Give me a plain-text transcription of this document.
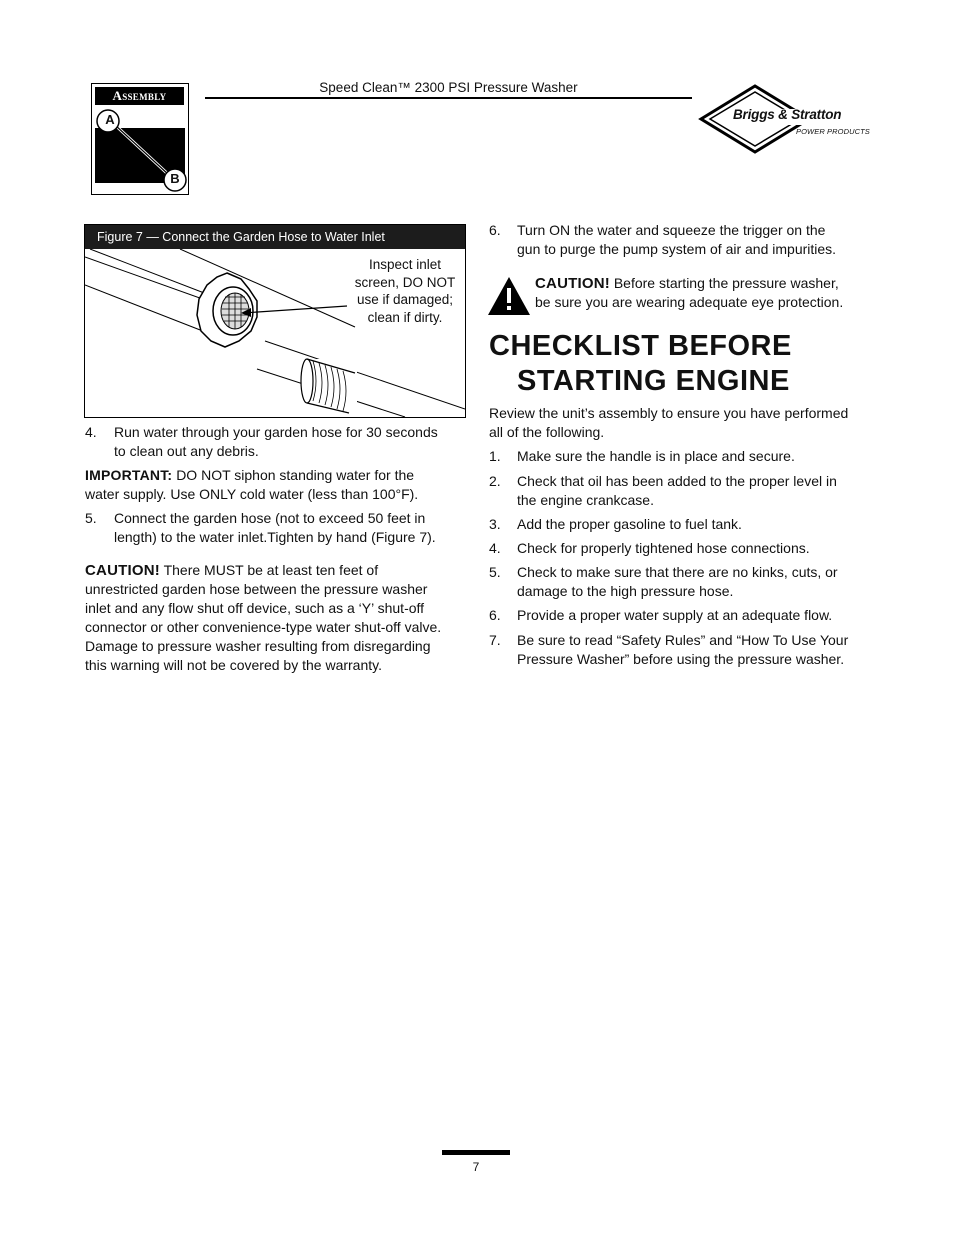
Assembly
A
B
Speed Clean™ 2300 PSI Pressure Washer
Briggs & Stratton
POWER PRODUCTS
Figure 7 — Connect the Garden Hose to Water Inlet
Inspect inlet
screen, DO NOT
use if damaged;
clean if dirty.
4. Run water through your garden hose for 30 seconds
to clean out any debris.
IMPORTANT: DO NOT siphon standing water for the
water supply. Use ONLY cold water (less than 100°F).
5. Connect the garden hose (not to exceed 50 feet in
length) to the water inlet.Tighten by hand (Figure 7).
CAUTION! There MUST be at least ten feet of
unrestricted garden hose between the pressure washer
inlet and any flow shut off device, such as a ‘Y’ shut-off
connector or other convenience-type water shut-off valve.
Damage to pressure washer resulting from disregarding
this warning will not be covered by the warranty.
6. Turn ON the water and squeeze the trigger on the
gun to purge the pump system of air and impurities.
CAUTION! Before starting the pressure washer,
be sure you are wearing adequate eye protection.
CHECKLIST BEFORE
STARTING ENGINE
Review the unit’s assembly to ensure you have performed
all of the following.
1. Make sure the handle is in place and secure.
2. Check that oil has been added to the proper level in
the engine crankcase.
3. Add the proper gasoline to fuel tank.
4. Check for properly tightened hose connections.
5. Check to make sure that there are no kinks, cuts, or
damage to the high pressure hose.
6. Provide a proper water supply at an adequate flow.
7. Be sure to read “Safety Rules” and “How To Use Your
Pressure Washer” before using the pressure washer.
7
